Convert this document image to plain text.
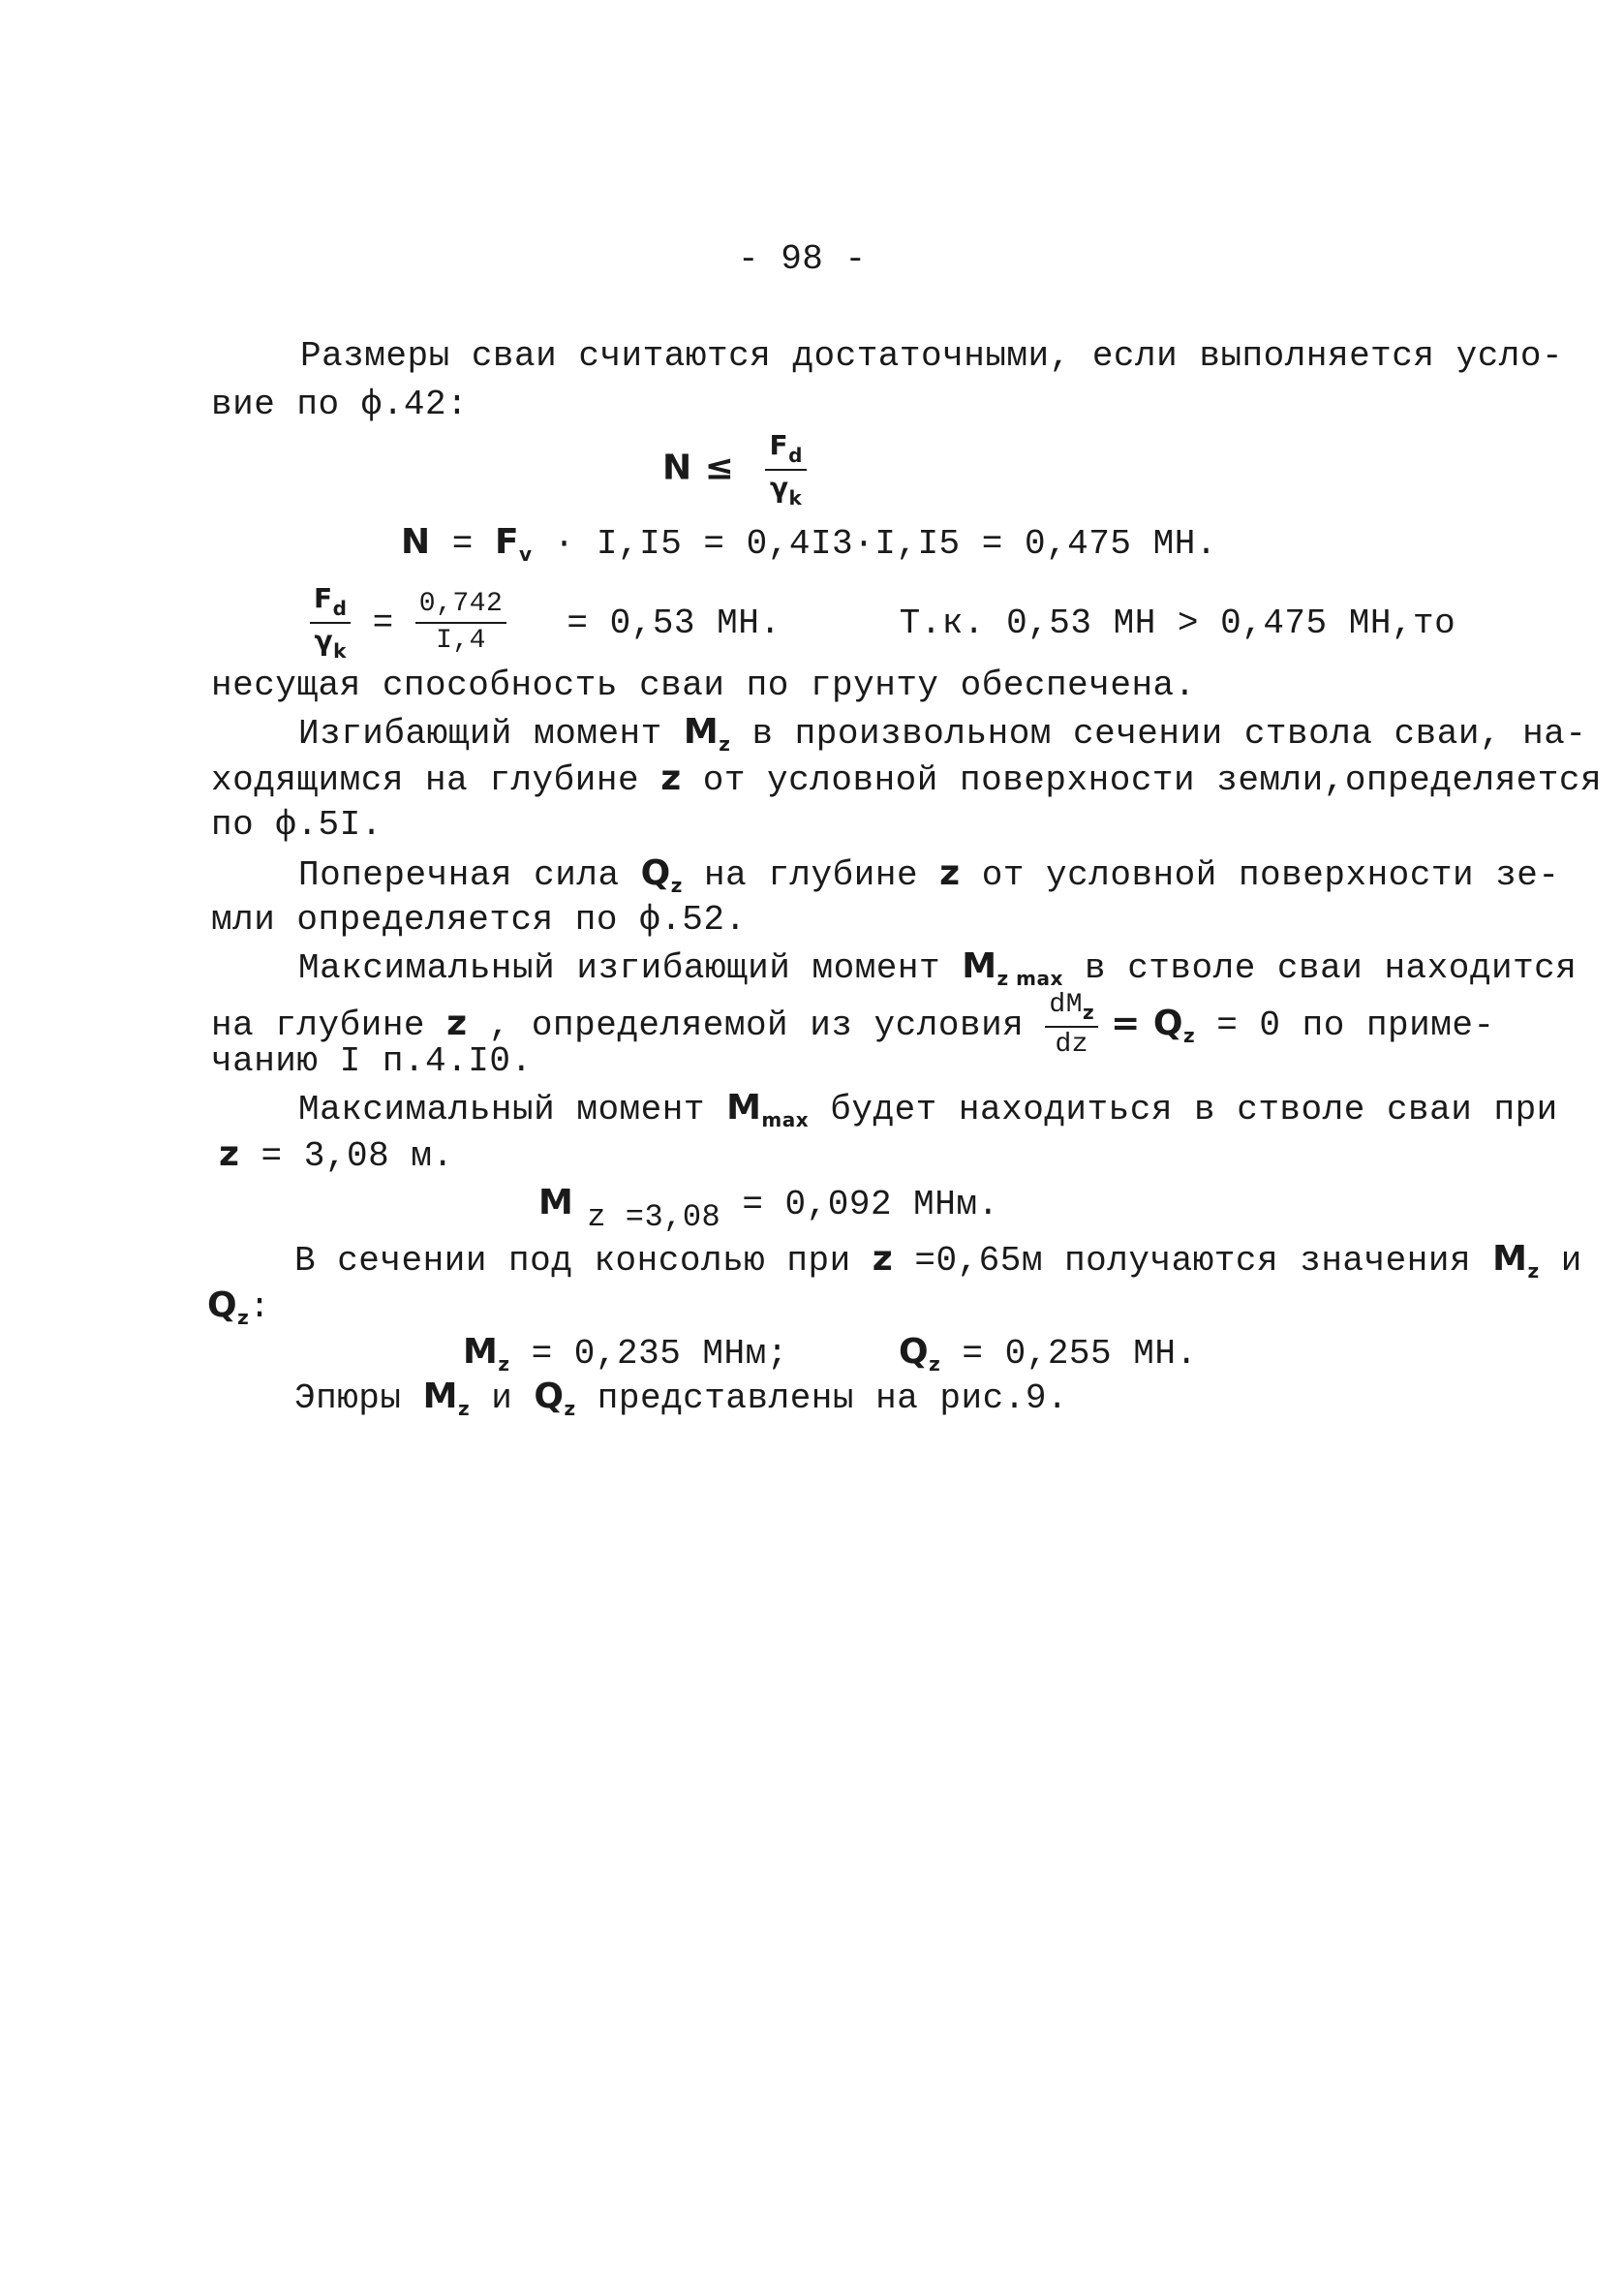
- 98 -
Размеры сваи считаются достаточными, если выполняется усло-
вие по ф.42:
$N \le \frac{F_d}{\gamma_k}$
$N = F_v \cdot I,I5 = 0,4I3\cdot I,I5 = 0,475$ МН.
$\frac{F_d}{\gamma_k} = \frac{0,742}{I,4} = 0,53$ МН.	Т.к. 0,53 МН > 0,475 МН,то
несущая способность сваи по грунту обеспечена.
Изгибающий момент $M_z$ в произвольном сечении ствола сваи, на-
ходящимся на глубине z от условной поверхности земли,определяется
по ф.5I.
Поперечная сила $Q_z$ на глубине z от условной поверхности зе-
мли определяется по ф.52.
Максимальный изгибающий момент $M_{z max}$ в стволе сваи находится
на глубине z , определяемой из условия $\frac{dM_z}{dz} = Q_z = 0$ по приме-
чанию I п.4.I0.
Максимальный момент $M_{max}$ будет находиться в стволе сваи при
z = 3,08 м.
M z =3,08 = 0,092 МНм.
В сечении под консолью при z =0,65м получаются значения $M_z$ и
$Q_z$:
$M_z = 0,235$ МНм;	$Q_z = 0,255$ МН.
Эпюры $M_z$ и $Q_z$ представлены на рис.9.
